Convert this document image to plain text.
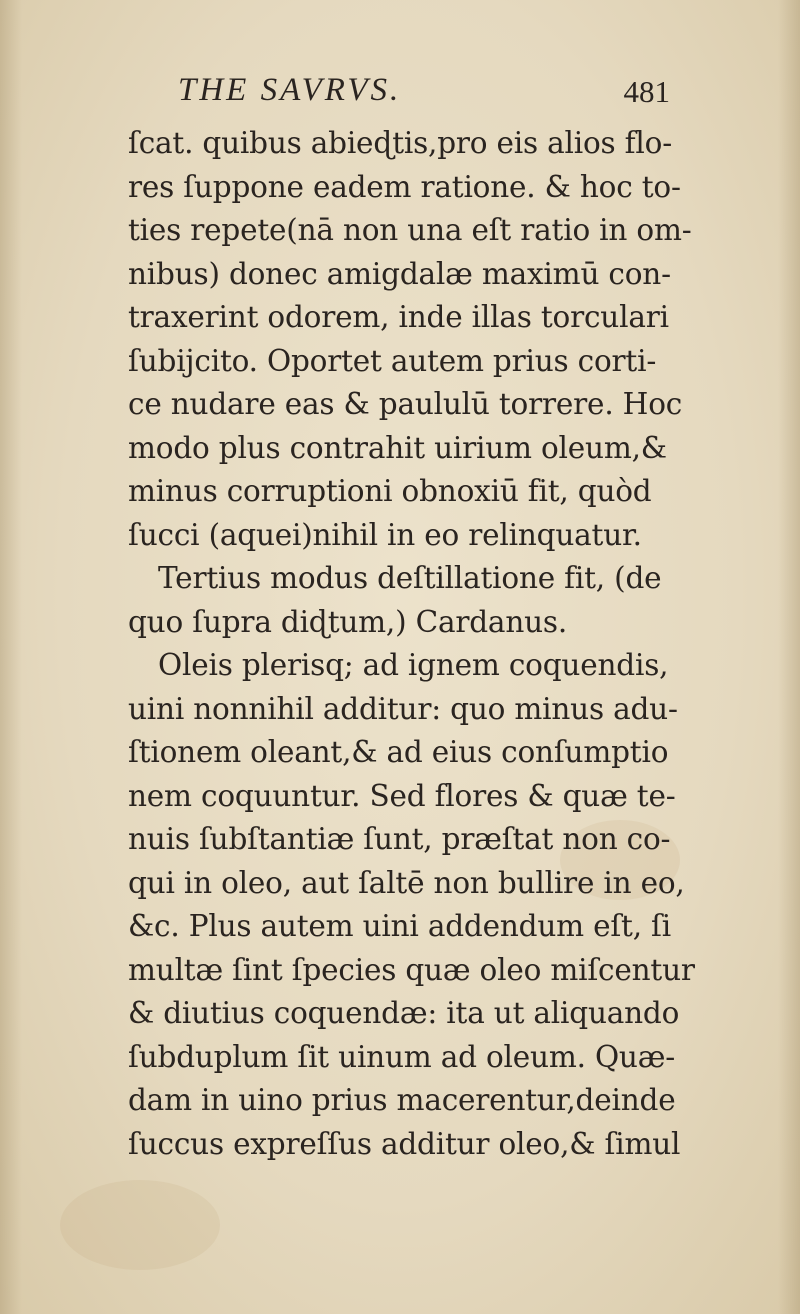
THE SAVRVS.	481
ſcat. quibus abieɖtis,pro eis alios flo-
res ſuppone eadem ratione. & hoc to-
ties repete(nā non una eſt ratio in om-
nibus) donec amigdalæ maximū con-
traxerint odorem, inde illas torculari
ſubijcito. Oportet autem prius corti-
ce nudare eas & paululū torrere. Hoc
modo plus contrahit uirium oleum,&
minus corruptioni obnoxiū fit, quòd
ſucci (aquei)nihil in eo relinquatur.
Tertius modus deſtillatione fit, (de
quo ſupra diɖtum,) Cardanus.
Oleis plerisq; ad ignem coquendis,
uini nonnihil additur: quo minus adu-
ſtionem oleant,& ad eius conſumptio
nem coquuntur. Sed flores & quæ te-
nuis ſubſtantiæ ſunt, præſtat non co-
qui in oleo, aut ſaltē non bullire in eo,
&c. Plus autem uini addendum eſt, ſi
multæ ſint ſpecies quæ oleo miſcentur
& diutius coquendæ: ita ut aliquando
ſubduplum ſit uinum ad oleum. Quæ-
dam in uino prius macerentur,deinde
ſuccus expreſſus additur oleo,& ſimul
